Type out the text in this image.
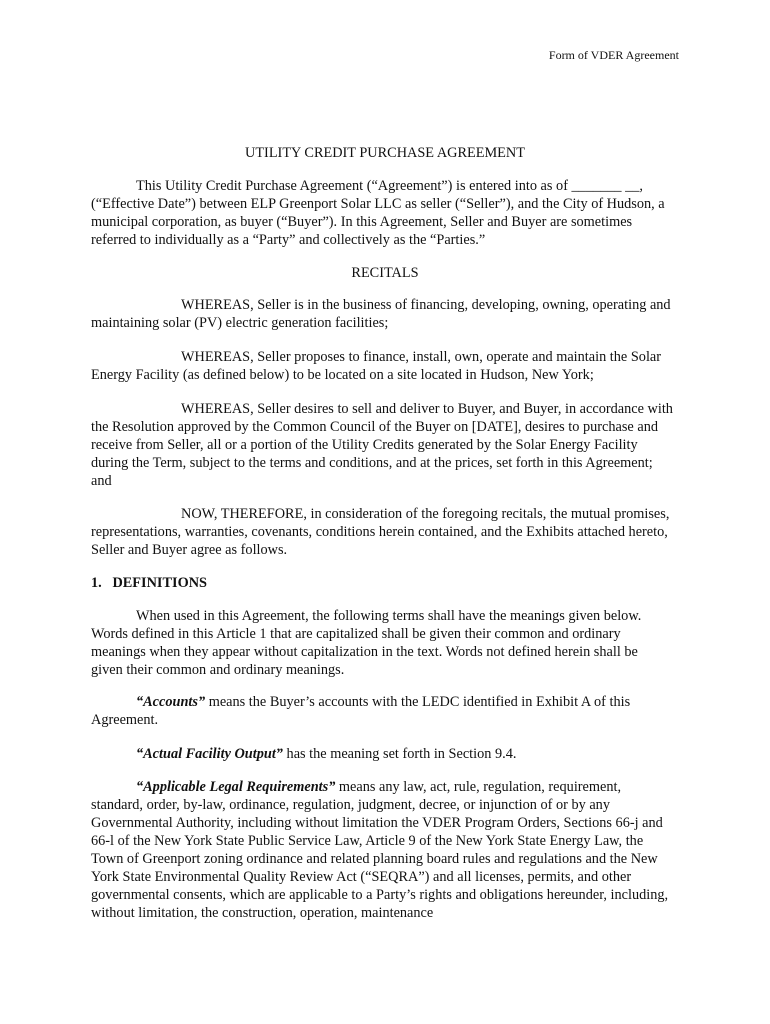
Form of VDER Agreement
UTILITY CREDIT PURCHASE AGREEMENT

This Utility Credit Purchase Agreement (“Agreement”) is entered into as of _______ __, (“Effective Date”) between ELP Greenport Solar LLC as seller (“Seller”), and the City of Hudson, a municipal corporation, as buyer (“Buyer”). In this Agreement, Seller and Buyer are sometimes referred to individually as a “Party” and collectively as the “Parties.”

RECITALS

WHEREAS, Seller is in the business of financing, developing, owning, operating and maintaining solar (PV) electric generation facilities;

WHEREAS, Seller proposes to finance, install, own, operate and maintain the Solar Energy Facility (as defined below) to be located on a site located in Hudson, New York;

WHEREAS, Seller desires to sell and deliver to Buyer, and Buyer, in accordance with the Resolution approved by the Common Council of the Buyer on [DATE], desires to purchase and receive from Seller, all or a portion of the Utility Credits generated by the Solar Energy Facility during the Term, subject to the terms and conditions, and at the prices, set forth in this Agreement; and

NOW, THEREFORE, in consideration of the foregoing recitals, the mutual promises, representations, warranties, covenants, conditions herein contained, and the Exhibits attached hereto, Seller and Buyer agree as follows.

1.   DEFINITIONS

When used in this Agreement, the following terms shall have the meanings given below. Words defined in this Article 1 that are capitalized shall be given their common and ordinary meanings when they appear without capitalization in the text. Words not defined herein shall be given their common and ordinary meanings.

“Accounts” means the Buyer’s accounts with the LEDC identified in Exhibit A of this Agreement.

“Actual Facility Output” has the meaning set forth in Section 9.4.

“Applicable Legal Requirements” means any law, act, rule, regulation, requirement, standard, order, by-law, ordinance, regulation, judgment, decree, or injunction of or by any Governmental Authority, including without limitation the VDER Program Orders, Sections 66-j and 66-l of the New York State Public Service Law, Article 9 of the New York State Energy Law, the Town of Greenport zoning ordinance and related planning board rules and regulations and the New York State Environmental Quality Review Act (“SEQRA”) and all licenses, permits, and other governmental consents, which are applicable to a Party’s rights and obligations hereunder, including, without limitation, the construction, operation, maintenance
